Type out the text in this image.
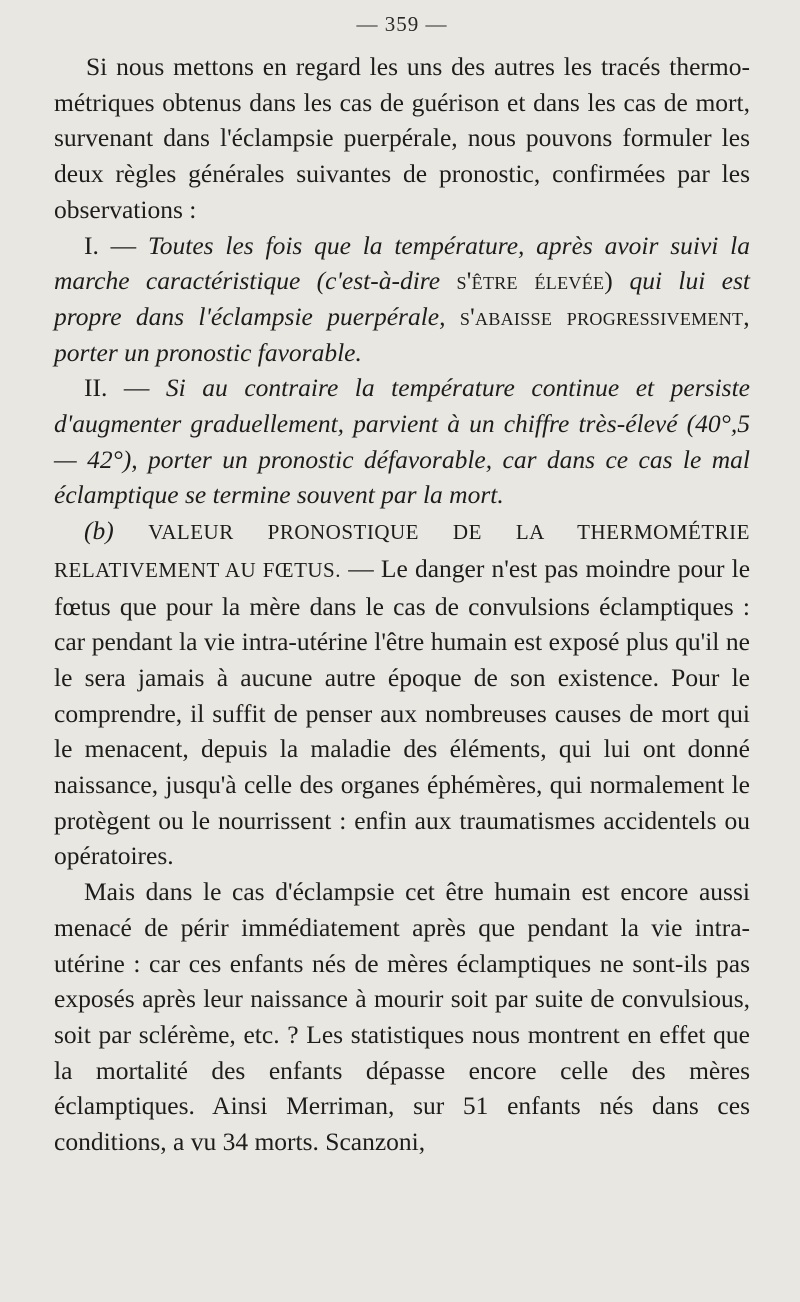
— 359 —

Si nous mettons en regard les uns des autres les tracés thermo-métriques obtenus dans les cas de guérison et dans les cas de mort, survenant dans l'éclampsie puerpérale, nous pouvons formuler les deux règles générales suivantes de pronostic, confirmées par les observations :

I. — Toutes les fois que la température, après avoir suivi la marche caractéristique (c'est-à-dire s'être élevée) qui lui est propre dans l'éclampsie puerpérale, s'abaisse progressivement, porter un pronostic favorable.

II. — Si au contraire la température continue et persiste d'augmenter graduellement, parvient à un chiffre très-élevé (40°,5 — 42°), porter un pronostic défavorable, car dans ce cas le mal éclamptique se termine souvent par la mort.

(b) VALEUR PRONOSTIQUE DE LA THERMOMÉTRIE RELATIVEMENT AU FŒTUS. — Le danger n'est pas moindre pour le fœtus que pour la mère dans le cas de convulsions éclamptiques : car pendant la vie intra-utérine l'être humain est exposé plus qu'il ne le sera jamais à aucune autre époque de son existence. Pour le comprendre, il suffit de penser aux nombreuses causes de mort qui le menacent, depuis la maladie des éléments, qui lui ont donné naissance, jusqu'à celle des organes éphémères, qui normalement le protègent ou le nourrissent : enfin aux traumatismes accidentels ou opératoires.

Mais dans le cas d'éclampsie cet être humain est encore aussi menacé de périr immédiatement après que pendant la vie intra-utérine : car ces enfants nés de mères éclamptiques ne sont-ils pas exposés après leur naissance à mourir soit par suite de convulsious, soit par sclérème, etc. ? Les statistiques nous montrent en effet que la mortalité des enfants dépasse encore celle des mères éclamptiques. Ainsi Merriman, sur 51 enfants nés dans ces conditions, a vu 34 morts. Scanzoni,
